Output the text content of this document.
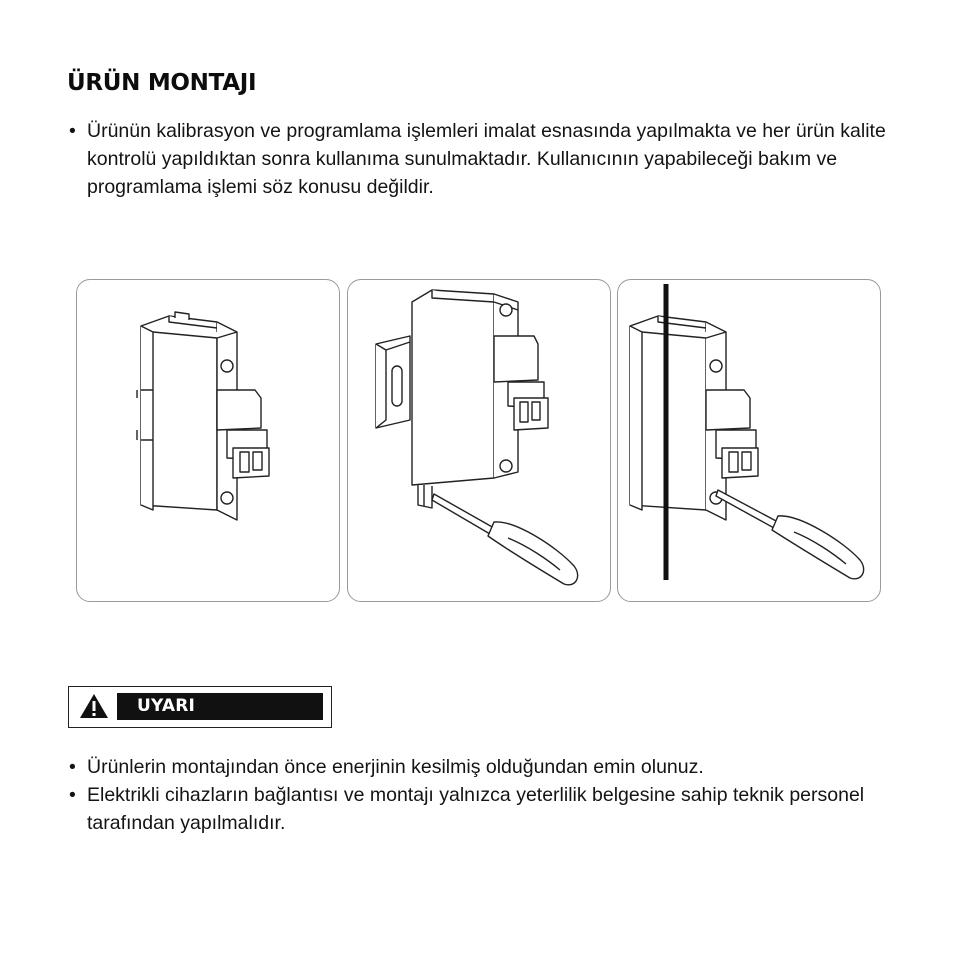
ÜRÜN MONTAJI
• Ürünün kalibrasyon ve programlama işlemleri imalat esnasında yapılmakta ve her ürün kalite kontrolü yapıldıktan sonra kullanıma sunulmaktadır. Kullanıcının yapabileceği bakım ve programlama işlemi söz konusu değildir.
UYARI
• Ürünlerin montajından önce enerjinin kesilmiş olduğundan emin olunuz.
• Elektrikli cihazların bağlantısı ve montajı yalnızca yeterlilik belgesine sahip teknik personel tarafından yapılmalıdır.
